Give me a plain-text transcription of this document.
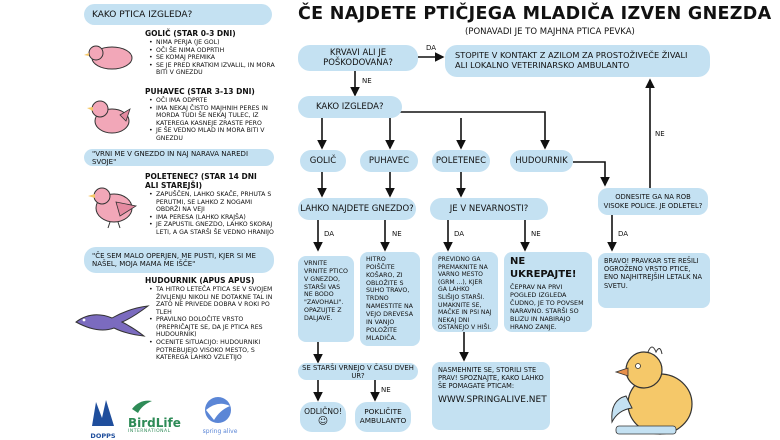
ČE NAJDETE PTIČJEGA MLADIČA IZVEN GNEZDA
(PONAVADI JE TO MAJHNA PTICA PEVKA)
KAKO PTICA IZGLEDA?
GOLIČ (STAR 0-3 DNI)
• NIMA PERJA (JE GOL)
• OČI ŠE NIMA ODPRTIH
• SE KOMAJ PREMIKA
• SE JE PRED KRATKIM IZVALIL, IN MORA BITI V GNEZDU
PUHAVEC (STAR 3-13 DNI)
• OČI IMA ODPRTE
• IMA NEKAJ ČISTO MAJHNIH PERES IN MORDA TUDI ŠE NEKAJ TULEC, IZ KATEREGA KASNEJE ZRASTE PERO
• JE ŠE VEDNO MLAD IN MORA BITI V GNEZDU
"VRNI ME V GNEZDO IN NAJ NARAVA NAREDI SVOJE"
POLETENEC? (STAR 14 DNI ALI STAREJŠI)
• ZAPUŠČEN, LAHKO SKAČE, PRHUTA S PERUTMI, SE LAHKO Z NOGAMI OBDRŽI NA VEJI
• IMA PERESA (LAHKO KRAJŠA)
• JE ZAPUSTIL GNEZDO, LAHKO SKORAJ LETI, A GA STARŠI ŠE VEDNO HRANIJO
"ČE SEM MALO OPERJEN, ME PUSTI, KJER SI ME NAŠEL, MOJA MAMA ME IŠČE"
HUDOURNIK (APUS APUS)
• TA HITRO LETEČA PTICA SE V SVOJEM ŽIVLJENJU NIKOLI NE DOTAKNE TAL IN ZATO NE PRIVEDE DOBRA V ROKI PO TLEH
• PRAVILNO DOLOČITE VRSTO (PREPRIČAJTE SE, DA JE PTICA RES HUDOURNIK)
• OCENITE SITUACIJO: HUDOURNIKI POTREBUJEJO VISOKO MESTO, S KATEREGA LAHKO VZLETIJO
DOPPS
BirdLife
INTERNATIONAL	spring alive
KRVAVI ALI JE POŠKODOVANA?
DA
NE
STOPITE V KONTAKT Z AZILOM ZA PROSTOŽIVEČE ŽIVALI ALI LOKALNO VETERINARSKO AMBULANTO
KAKO IZGLEDA?
GOLIČ	PUHAVEC	POLETENEC	HUDOURNIK
LAHKO NAJDETE GNEZDO?	JE V NEVARNOSTI?
ODNESITE GA NA ROB VISOKE POLICE. JE ODLETEL?
DA	NE	DA	NE	DA
NE
VRNITE VRNITE PTICO V GNEZDO, STARŠI VAS NE BODO "ZAVOHALI". OPAZUJTE Z DALJAVE.
HITRO POIŠČITE KOŠARO, ZI OBLOŽITE S SUHO TRAVO, TRDNO NAMESTITE NA VEJO DREVESA IN VANJO POLOŽITE MLADIČA.
PREVIDNO GA PREMAKNITE NA VARNO MESTO (GRM ...), KJER GA LAHKO SLIŠIJO STARŠI. UMAKNITE SE, MAČKE IN PSI NAJ NEKAJ DNI OSTANEJO V HIŠI.
NE UKREPAJTE!
ČEPRAV NA PRVI POGLED IZGLEDA ČUDNO, JE TO POVSEM NARAVNO. STARŠI SO BLIZU IN NABIRAJO HRANO ZANJE.
BRAVO! PRAVKAR STE REŠILI OGROŽENO VRSTO PTICE, ENO NAJHITREJŠIH LETALK NA SVETU.
SE STARŠI VRNEJO V ČASU DVEH UR?
NE
ODLIČNO!
☺
POKLIČITE AMBULANTO
NASMEHNITE SE, STORILI STE PRAV! SPOZNAJTE, KAKO LAHKO ŠE POMAGATE PTICAM:
WWW.SPRINGALIVE.NET
